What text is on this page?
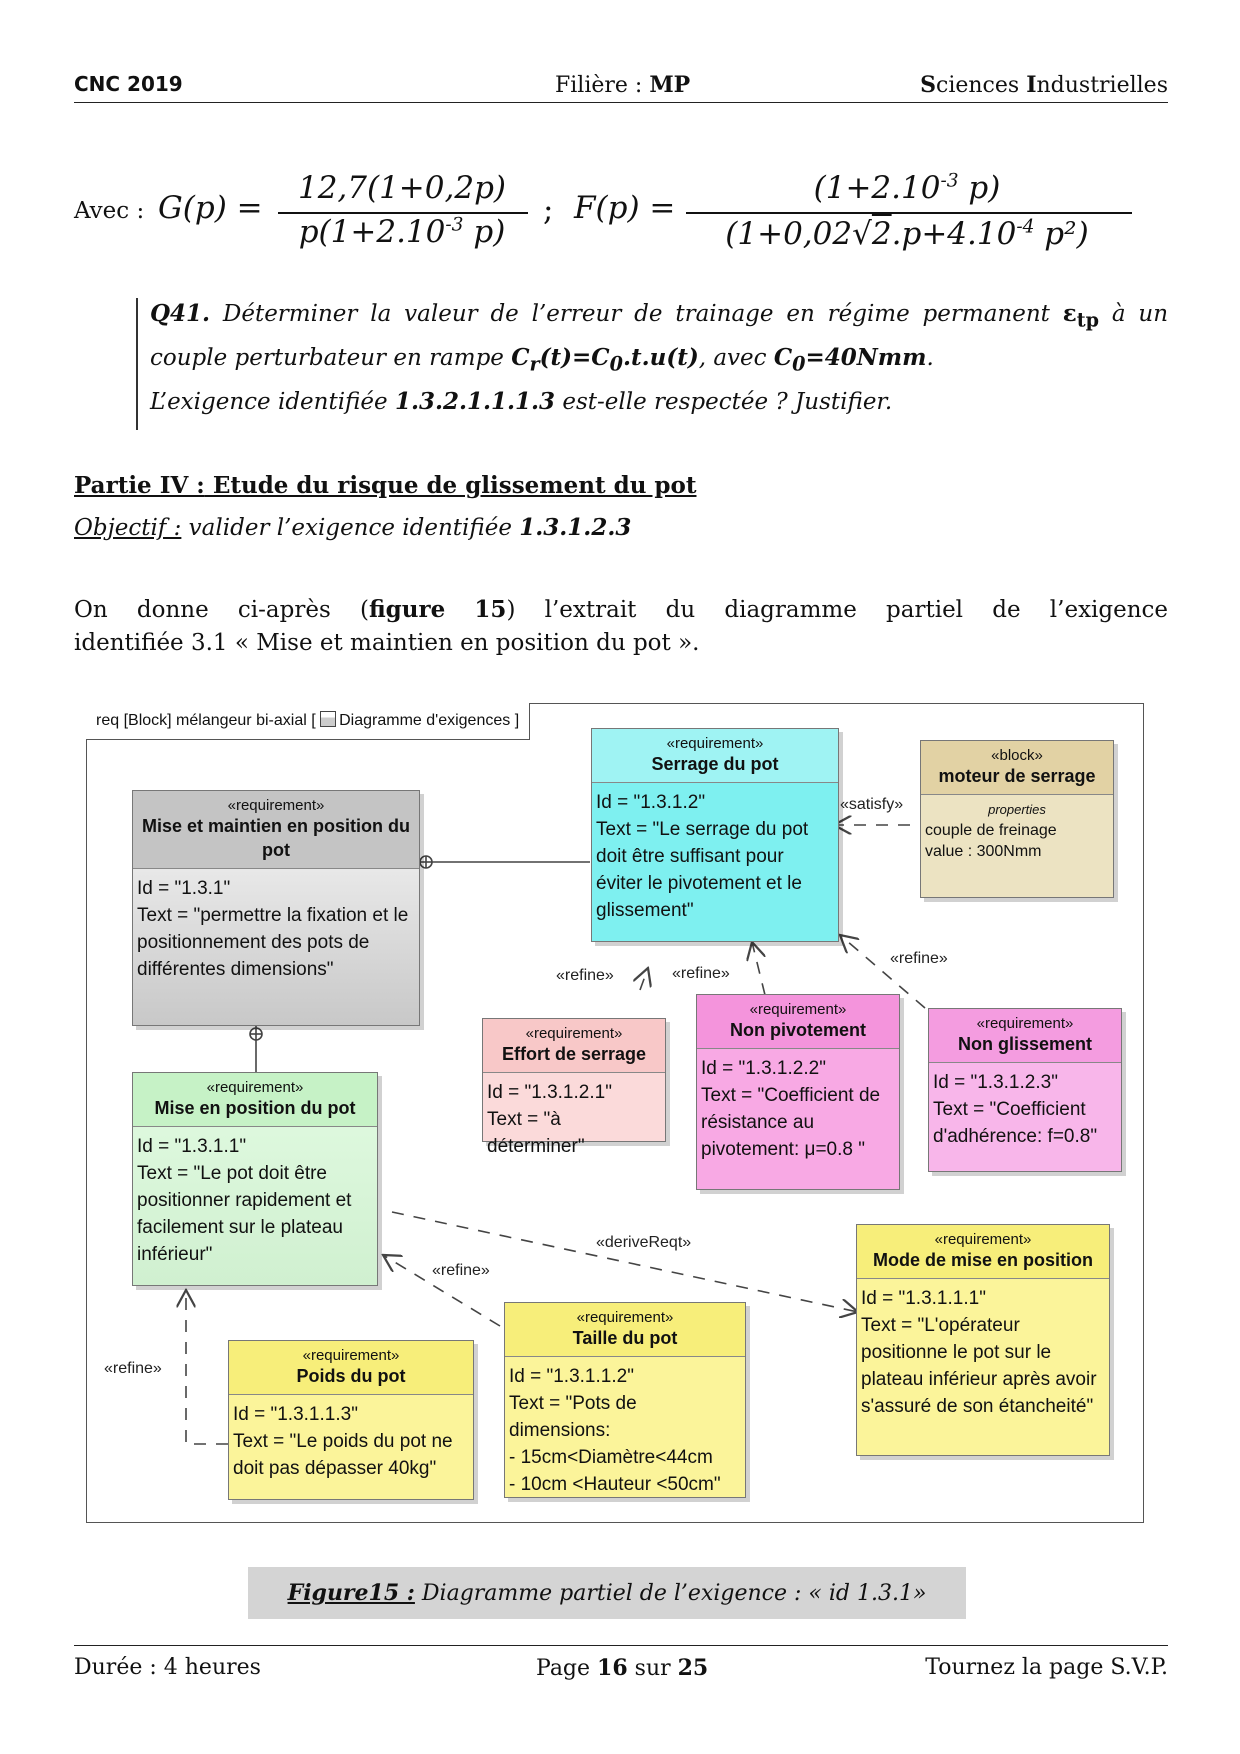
CNC 2019	Filière : MP	Sciences Industrielles
Avec : G(p) =
12,7(1+0,2p)
$p(1+2.10^{-3}$ p)
; F(p) =
($1+2.10^{-3}$ p)
($1+0,02√2.p+4.10^{-4}$ p²)
Q41. Déterminer la valeur de l’erreur de trainage en régime permanent $\varepsilon_{tp}$ à un
couple perturbateur en rampe $C_r(t)=C_0.t.u(t)$, avec $C_0=40Nmm$.
L’exigence identifiée 1.3.2.1.1.1.3 est-elle respectée ? Justifier.
Partie IV : Etude du risque de glissement du pot
Objectif : valider l’exigence identifiée 1.3.1.2.3
On donne ci-après (figure 15) l’extrait du diagramme partiel de l’exigence
identifiée 3.1 « Mise et maintien en position du pot ».
req [Block] mélangeur bi-axial [ Diagramme d'exigences ]
«requirement»
Serrage du pot
Id = "1.3.1.2"
Text = "Le serrage du pot
doit être suffisant pour
éviter le pivotement et le
glissement"
«block»
moteur de serrage
properties
couple de freinage
value : 300Nmm
«requirement»
Mise et maintien en position du pot
Id = "1.3.1"
Text = "permettre la fixation et le
positionnement des pots de
différentes dimensions"
«requirement»
Effort de serrage
Id = "1.3.1.2.1"
Text = "à déterminer"
«requirement»
Non pivotement
Id = "1.3.1.2.2"
Text = "Coefficient de
résistance au
pivotement: μ=0.8 "
«requirement»
Non glissement
Id = "1.3.1.2.3"
Text = "Coefficient
d'adhérence: f=0.8"
«requirement»
Mise en position du pot
Id = "1.3.1.1"
Text = "Le pot doit être
positionner rapidement et
facilement sur le plateau
inférieur"
«requirement»
Mode de mise en position
Id = "1.3.1.1.1"
Text = "L'opérateur
positionne le pot sur le
plateau inférieur après avoir
s'assuré de son étancheité"
«requirement»
Taille du pot
Id = "1.3.1.1.2"
Text = "Pots de dimensions:
- 15cm<Diamètre<44cm
- 10cm <Hauteur <50cm"
«requirement»
Poids du pot
Id = "1.3.1.1.3"
Text = "Le poids du pot ne
doit pas dépasser 40kg"
«satisfy»
«refine»	«refine»
«refine»
«deriveReqt»
«refine»
«refine»
Figure15 : Diagramme partiel de l’exigence : « id 1.3.1»
Durée : 4 heures	Page 16 sur 25	Tournez la page S.V.P.
